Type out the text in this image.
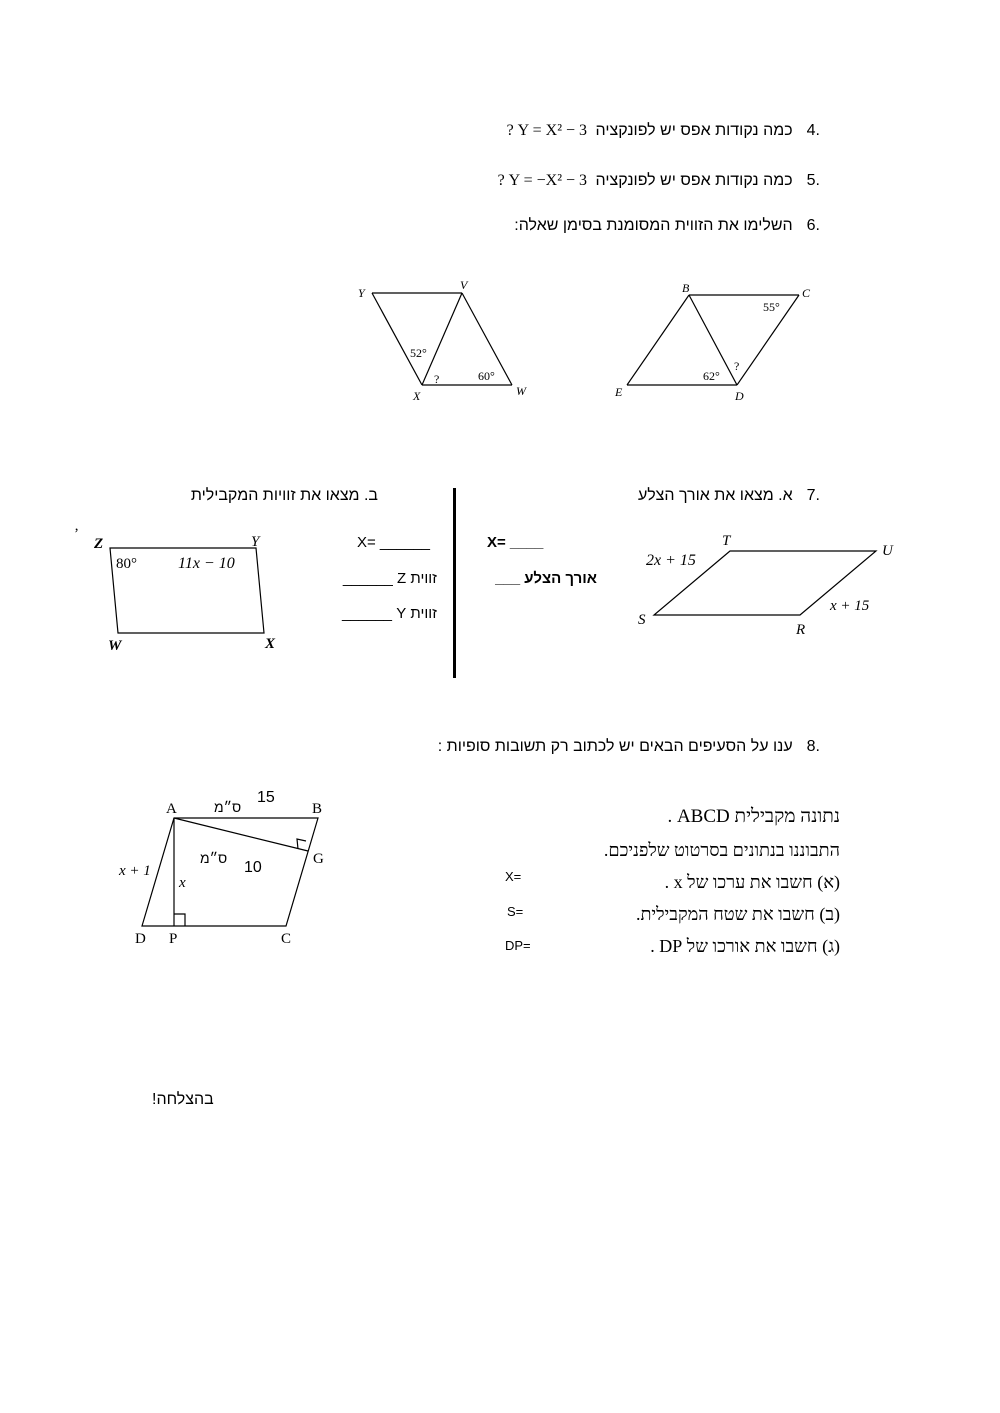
.4כמה נקודות אפס יש לפונקציה ? Y = X² − 3
.5כמה נקודות אפס יש לפונקציה ? Y = −X² − 3
.6השלימו את הזווית המסומנת בסימן שאלה:
Y
V
X	W
52°
60°
?
B	C
E	D
55°
62°
?
.7א. מצאו את אורך הצלע
ב. מצאו את זוויות המקבילית
X= ____
אורך הצלע ___
X= ______
זווית Z ______
זווית Y ______
T
U
S
R
2x + 15
x + 15
Z	Y
W	X
80°	11x − 10
’
.8ענו על הסעיפים הבאים יש לכתוב רק תשובות סופיות :
נתונה מקבילית ABCD .
התבוננו בנתונים בסרטוט שלפניכם.
(א) חשבו את ערכו של x .
(ב) חשבו את שטח המקבילית.
(ג) חשבו את אורכו של DP .
X=
S=
DP=
A	B
G
C
D P
15
ס״מ
10
ס״מ
x + 1
x
בהצלחה!
